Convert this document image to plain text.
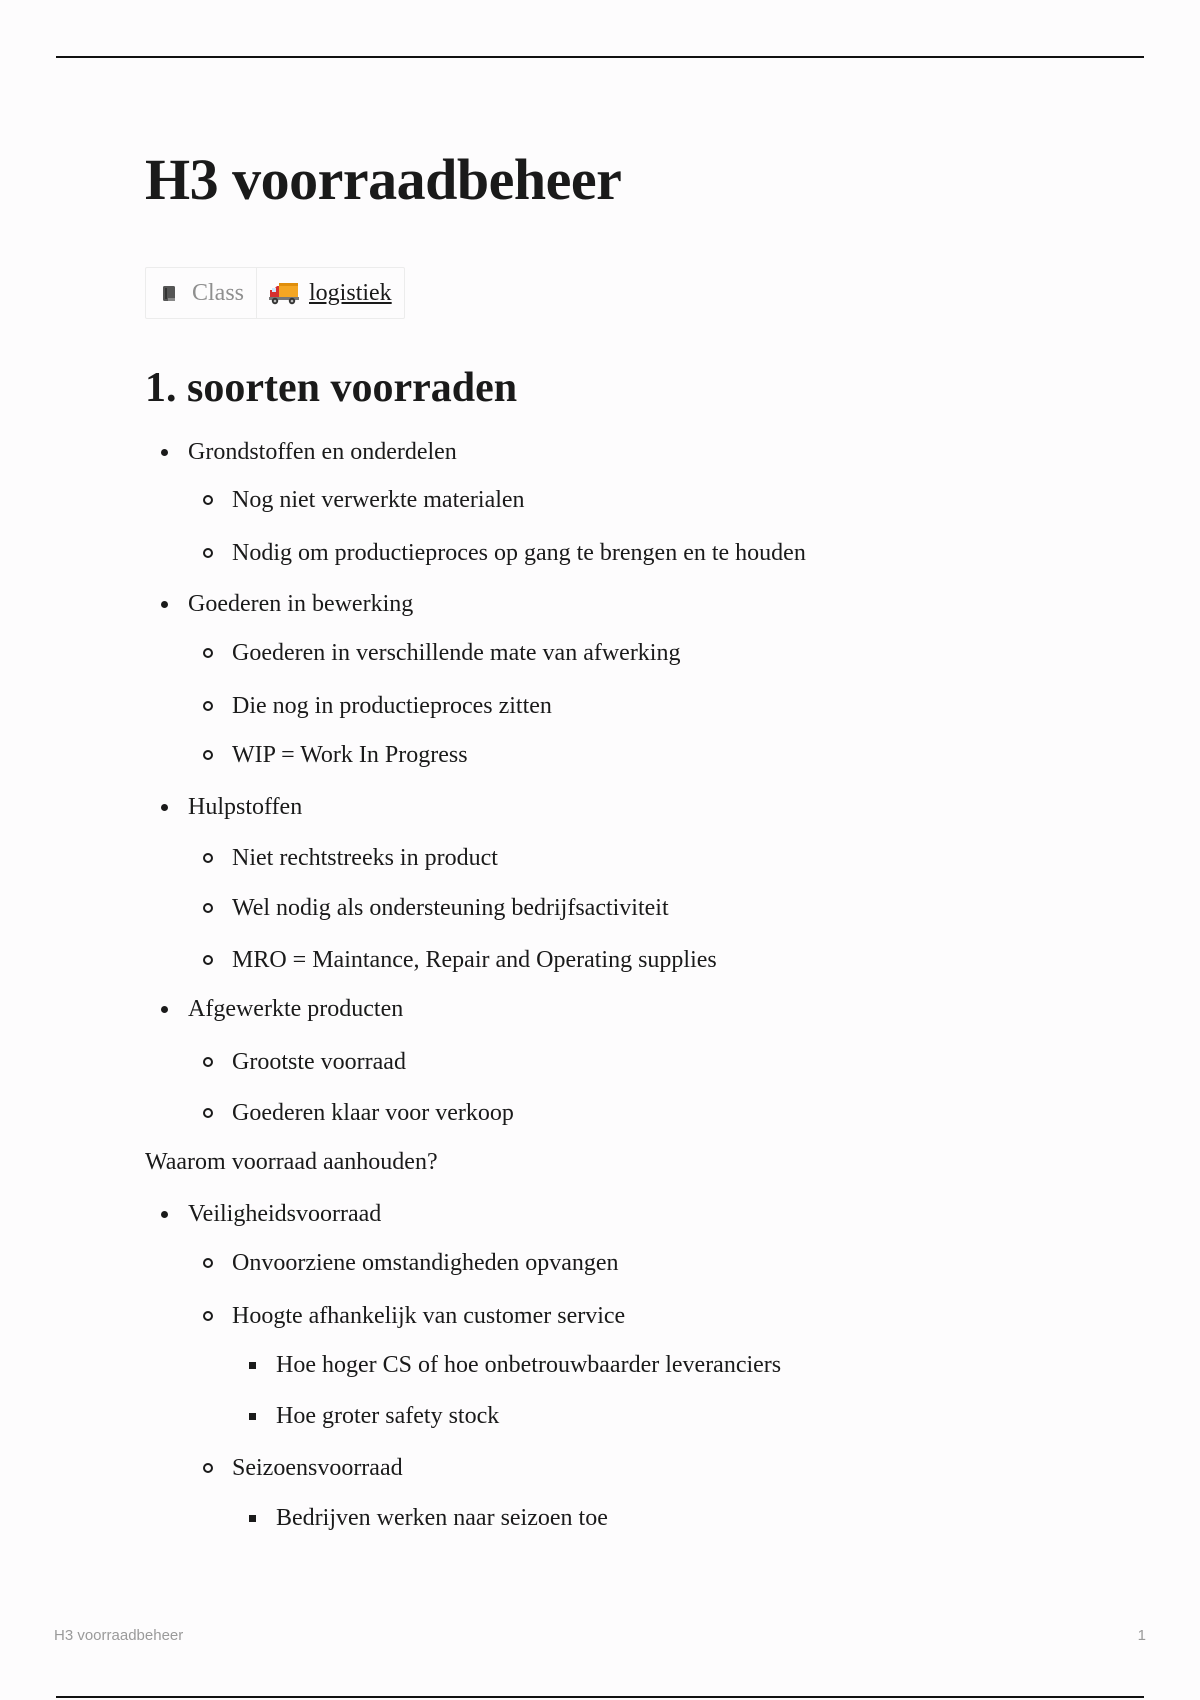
H3 voorraadbeheer
Class	logistiek
1. soorten voorraden
Grondstoffen en onderdelen
Nog niet verwerkte materialen
Nodig om productieproces op gang te brengen en te houden
Goederen in bewerking
Goederen in verschillende mate van afwerking
Die nog in productieproces zitten
WIP = Work In Progress
Hulpstoffen
Niet rechtstreeks in product
Wel nodig als ondersteuning bedrijfsactiviteit
MRO = Maintance, Repair and Operating supplies
Afgewerkte producten
Grootste voorraad
Goederen klaar voor verkoop
Waarom voorraad aanhouden?
Veiligheidsvoorraad
Onvoorziene omstandigheden opvangen
Hoogte afhankelijk van customer service
Hoe hoger CS of hoe onbetrouwbaarder leveranciers
Hoe groter safety stock
Seizoensvoorraad
Bedrijven werken naar seizoen toe
H3 voorraadbeheer	1
